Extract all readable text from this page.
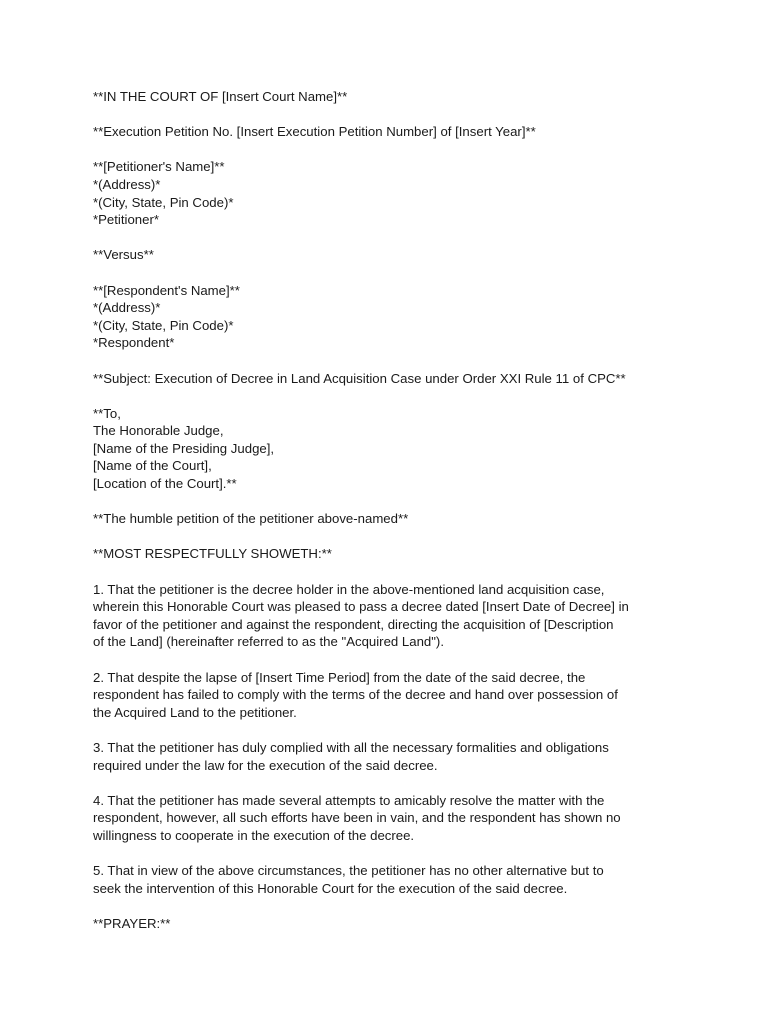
**IN THE COURT OF [Insert Court Name]**

**Execution Petition No. [Insert Execution Petition Number] of [Insert Year]**

**[Petitioner's Name]**
*(Address)*
*(City, State, Pin Code)*
*Petitioner*

**Versus**

**[Respondent's Name]**
*(Address)*
*(City, State, Pin Code)*
*Respondent*

**Subject: Execution of Decree in Land Acquisition Case under Order XXI Rule 11 of CPC**

**To,
The Honorable Judge,
[Name of the Presiding Judge],
[Name of the Court],
[Location of the Court].**

**The humble petition of the petitioner above-named**

**MOST RESPECTFULLY SHOWETH:**

1. That the petitioner is the decree holder in the above-mentioned land acquisition case,
wherein this Honorable Court was pleased to pass a decree dated [Insert Date of Decree] in
favor of the petitioner and against the respondent, directing the acquisition of [Description
of the Land] (hereinafter referred to as the "Acquired Land").

2. That despite the lapse of [Insert Time Period] from the date of the said decree, the
respondent has failed to comply with the terms of the decree and hand over possession of
the Acquired Land to the petitioner.

3. That the petitioner has duly complied with all the necessary formalities and obligations
required under the law for the execution of the said decree.

4. That the petitioner has made several attempts to amicably resolve the matter with the
respondent, however, all such efforts have been in vain, and the respondent has shown no
willingness to cooperate in the execution of the decree.

5. That in view of the above circumstances, the petitioner has no other alternative but to
seek the intervention of this Honorable Court for the execution of the said decree.

**PRAYER:**
